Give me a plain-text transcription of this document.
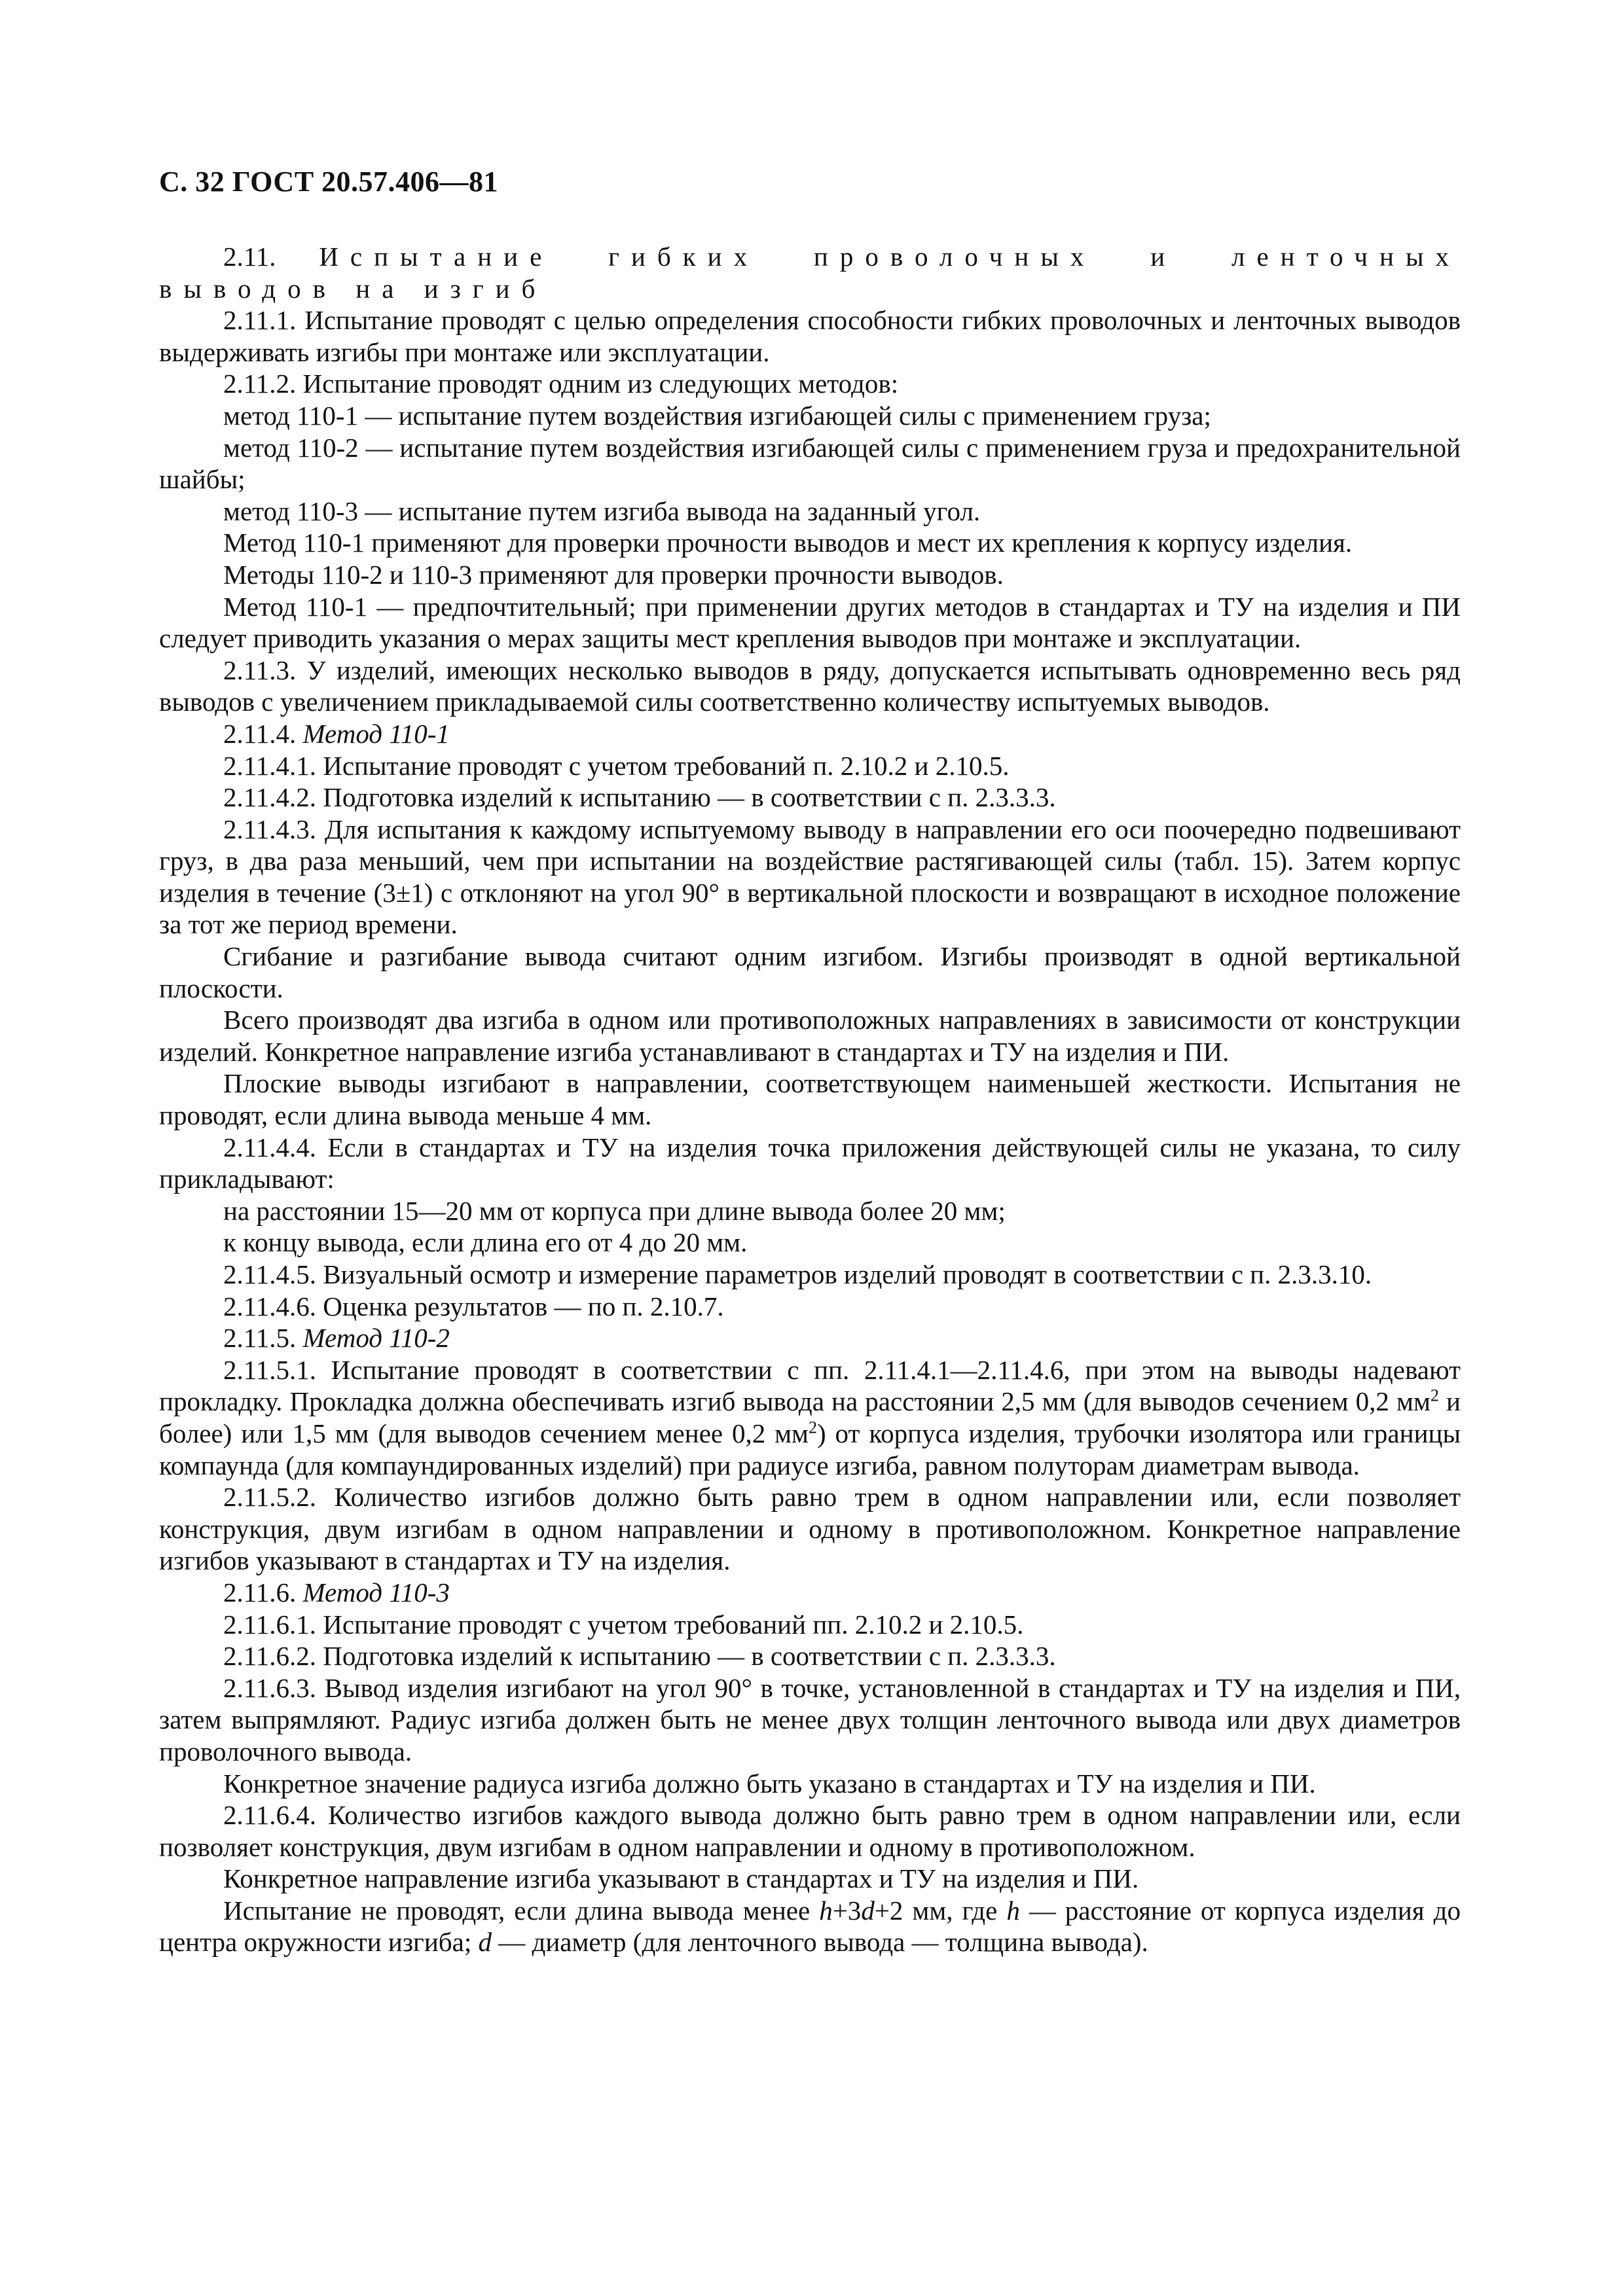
С. 32 ГОСТ 20.57.406—81

2.11. Испытание гибких проволочных и ленточных выводов на изгиб

2.11.1. Испытание проводят с целью определения способности гибких проволочных и ленточных выводов выдерживать изгибы при монтаже или эксплуатации.

2.11.2. Испытание проводят одним из следующих методов:

метод 110-1 — испытание путем воздействия изгибающей силы с применением груза;

метод 110-2 — испытание путем воздействия изгибающей силы с применением груза и предохранительной шайбы;

метод 110-3 — испытание путем изгиба вывода на заданный угол.

Метод 110-1 применяют для проверки прочности выводов и мест их крепления к корпусу изделия.

Методы 110-2 и 110-3 применяют для проверки прочности выводов.

Метод 110-1 — предпочтительный; при применении других методов в стандартах и ТУ на изделия и ПИ следует приводить указания о мерах защиты мест крепления выводов при монтаже и эксплуатации.

2.11.3. У изделий, имеющих несколько выводов в ряду, допускается испытывать одновременно весь ряд выводов с увеличением прикладываемой силы соответственно количеству испытуемых выводов.

2.11.4. Метод 110-1

2.11.4.1. Испытание проводят с учетом требований п. 2.10.2 и 2.10.5.

2.11.4.2. Подготовка изделий к испытанию — в соответствии с п. 2.3.3.3.

2.11.4.3. Для испытания к каждому испытуемому выводу в направлении его оси поочередно подвешивают груз, в два раза меньший, чем при испытании на воздействие растягивающей силы (табл. 15). Затем корпус изделия в течение (3±1) с отклоняют на угол 90° в вертикальной плоскости и возвращают в исходное положение за тот же период времени.

Сгибание и разгибание вывода считают одним изгибом. Изгибы производят в одной вертикальной плоскости.

Всего производят два изгиба в одном или противоположных направлениях в зависимости от конструкции изделий. Конкретное направление изгиба устанавливают в стандартах и ТУ на изделия и ПИ.

Плоские выводы изгибают в направлении, соответствующем наименьшей жесткости. Испытания не проводят, если длина вывода меньше 4 мм.

2.11.4.4. Если в стандартах и ТУ на изделия точка приложения действующей силы не указана, то силу прикладывают:

на расстоянии 15—20 мм от корпуса при длине вывода более 20 мм;

к концу вывода, если длина его от 4 до 20 мм.

2.11.4.5. Визуальный осмотр и измерение параметров изделий проводят в соответствии с п. 2.3.3.10.

2.11.4.6. Оценка результатов — по п. 2.10.7.

2.11.5. Метод 110-2

2.11.5.1. Испытание проводят в соответствии с пп. 2.11.4.1—2.11.4.6, при этом на выводы надевают прокладку. Прокладка должна обеспечивать изгиб вывода на расстоянии 2,5 мм (для выводов сечением 0,2 $мм^2$ и более) или 1,5 мм (для выводов сечением менее 0,2 $мм^2$) от корпуса изделия, трубочки изолятора или границы компаунда (для компаундированных изделий) при радиусе изгиба, равном полуторам диаметрам вывода.

2.11.5.2. Количество изгибов должно быть равно трем в одном направлении или, если позволяет конструкция, двум изгибам в одном направлении и одному в противоположном. Конкретное направление изгибов указывают в стандартах и ТУ на изделия.

2.11.6. Метод 110-3

2.11.6.1. Испытание проводят с учетом требований пп. 2.10.2 и 2.10.5.

2.11.6.2. Подготовка изделий к испытанию — в соответствии с п. 2.3.3.3.

2.11.6.3. Вывод изделия изгибают на угол 90° в точке, установленной в стандартах и ТУ на изделия и ПИ, затем выпрямляют. Радиус изгиба должен быть не менее двух толщин ленточного вывода или двух диаметров проволочного вывода.

Конкретное значение радиуса изгиба должно быть указано в стандартах и ТУ на изделия и ПИ.

2.11.6.4. Количество изгибов каждого вывода должно быть равно трем в одном направлении или, если позволяет конструкция, двум изгибам в одном направлении и одному в противоположном.

Конкретное направление изгиба указывают в стандартах и ТУ на изделия и ПИ.

Испытание не проводят, если длина вывода менее h+3d+2 мм, где h — расстояние от корпуса изделия до центра окружности изгиба; d — диаметр (для ленточного вывода — толщина вывода).
